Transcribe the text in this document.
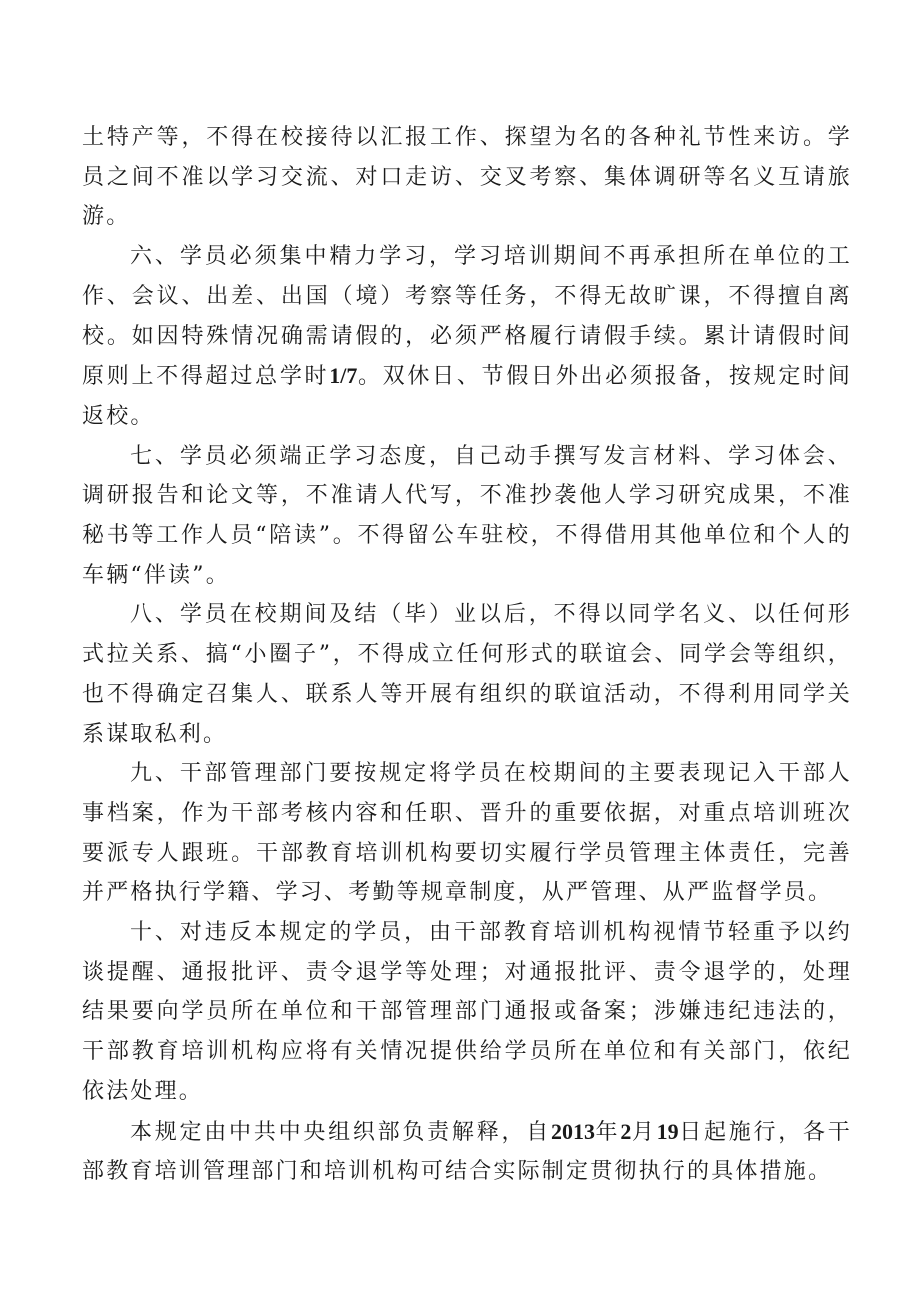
土特产等，不得在校接待以汇报工作、探望为名的各种礼节性来访。学员之间不准以学习交流、对口走访、交叉考察、集体调研等名义互请旅游。

六、学员必须集中精力学习，学习培训期间不再承担所在单位的工作、会议、出差、出国（境）考察等任务，不得无故旷课，不得擅自离校。如因特殊情况确需请假的，必须严格履行请假手续。累计请假时间原则上不得超过总学时1/7。双休日、节假日外出必须报备，按规定时间返校。

七、学员必须端正学习态度，自己动手撰写发言材料、学习体会、调研报告和论文等，不准请人代写，不准抄袭他人学习研究成果，不准秘书等工作人员“陪读”。不得留公车驻校，不得借用其他单位和个人的车辆“伴读”。

八、学员在校期间及结（毕）业以后，不得以同学名义、以任何形式拉关系、搞“小圈子”，不得成立任何形式的联谊会、同学会等组织，也不得确定召集人、联系人等开展有组织的联谊活动，不得利用同学关系谋取私利。

九、干部管理部门要按规定将学员在校期间的主要表现记入干部人事档案，作为干部考核内容和任职、晋升的重要依据，对重点培训班次要派专人跟班。干部教育培训机构要切实履行学员管理主体责任，完善并严格执行学籍、学习、考勤等规章制度，从严管理、从严监督学员。

十、对违反本规定的学员，由干部教育培训机构视情节轻重予以约谈提醒、通报批评、责令退学等处理；对通报批评、责令退学的，处理结果要向学员所在单位和干部管理部门通报或备案；涉嫌违纪违法的，干部教育培训机构应将有关情况提供给学员所在单位和有关部门，依纪依法处理。

本规定由中共中央组织部负责解释，自2013年2月19日起施行，各干部教育培训管理部门和培训机构可结合实际制定贯彻执行的具体措施。
